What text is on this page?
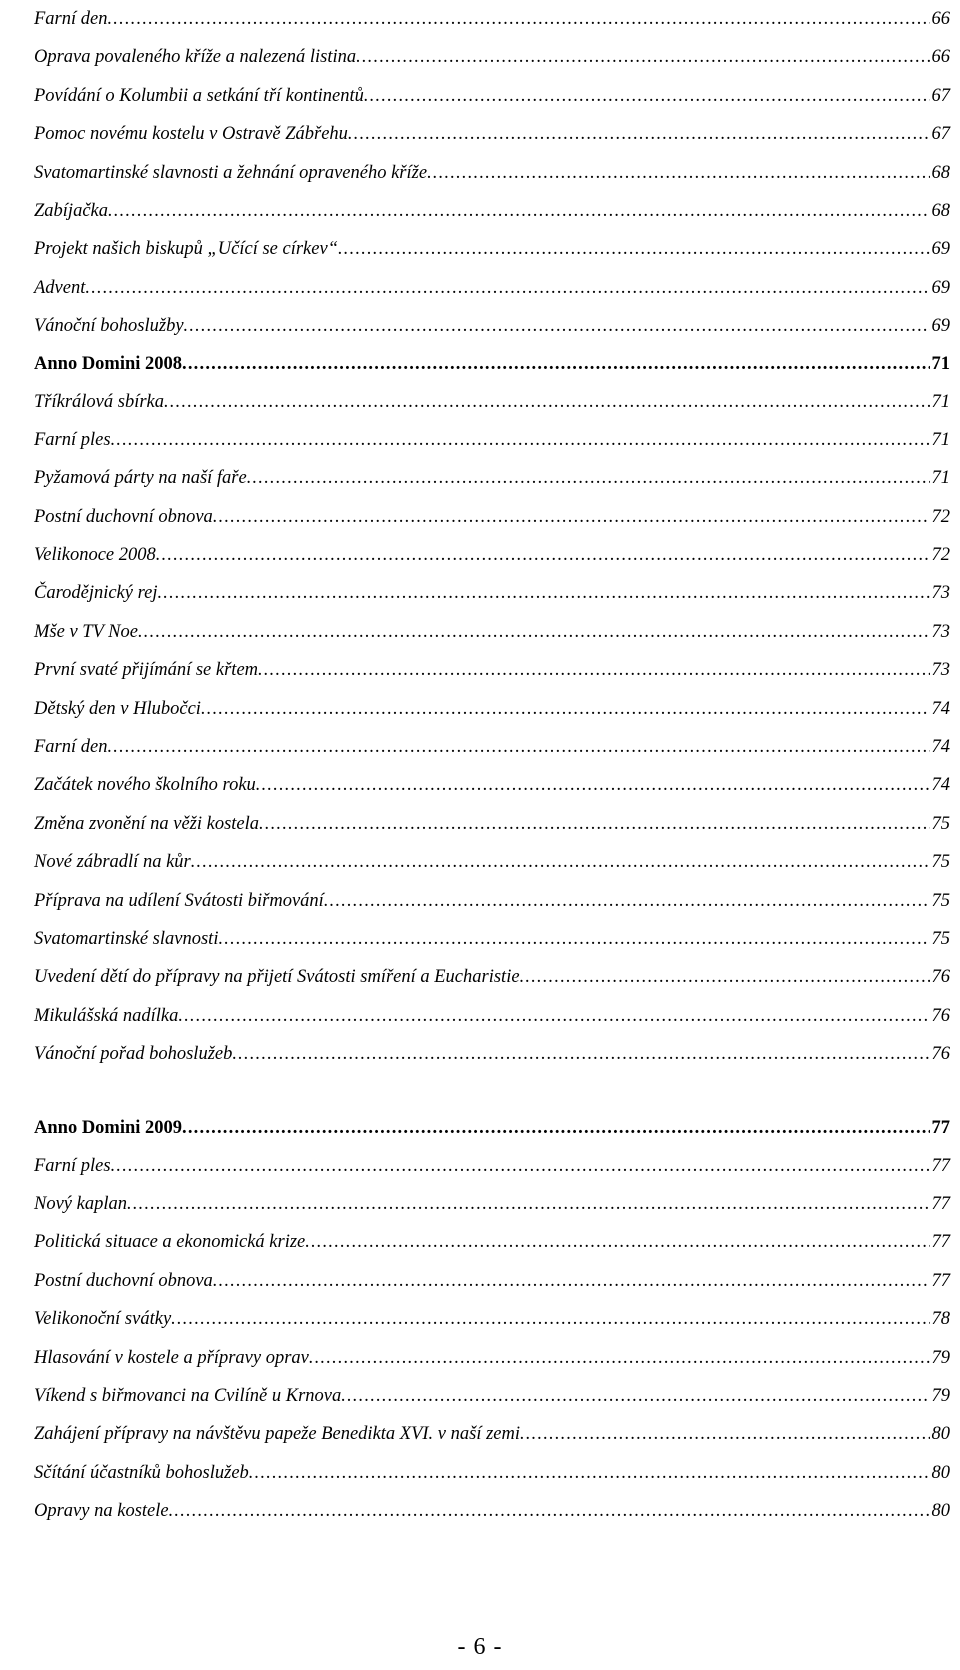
Farní den .....	66
Oprava povaleného kříže a nalezená listina .....	66
Povídání o Kolumbii a setkání tří kontinentů .....	67
Pomoc novému kostelu v Ostravě Zábřehu .....	67
Svatomartinské slavnosti a žehnání opraveného kříže .....	68
Zabíjačka .....	68
Projekt našich biskupů „Učící se církev“ .....	69
Advent .....	69
Vánoční bohoslužby .....	69
Anno Domini 2008 .....	71
Tříkrálová sbírka .....	71
Farní ples .....	71
Pyžamová párty na naší faře .....	71
Postní duchovní obnova .....	72
Velikonoce 2008 .....	72
Čarodějnický rej .....	73
Mše v TV Noe .....	73
První svaté přijímání se křtem .....	73
Dětský den v Hlubočci .....	74
Farní den .....	74
Začátek nového školního roku .....	74
Změna zvonění na věži kostela .....	75
Nové zábradlí na kůr .....	75
Příprava na udílení Svátosti biřmování .....	75
Svatomartinské slavnosti .....	75
Uvedení dětí do přípravy na přijetí Svátosti smíření a Eucharistie .....	76
Mikulášská nadílka .....	76
Vánoční pořad bohoslužeb .....	76
Anno Domini 2009 .....	77
Farní ples .....	77
Nový kaplan .....	77
Politická situace a ekonomická krize .....	77
Postní duchovní obnova .....	77
Velikonoční svátky .....	78
Hlasování v kostele a přípravy oprav .....	79
Víkend s biřmovanci na Cvilíně u Krnova .....	79
Zahájení přípravy na návštěvu papeže Benedikta XVI. v naší zemi .....	80
Sčítání účastníků bohoslužeb .....	80
Opravy na kostele .....	80
- 6 -
